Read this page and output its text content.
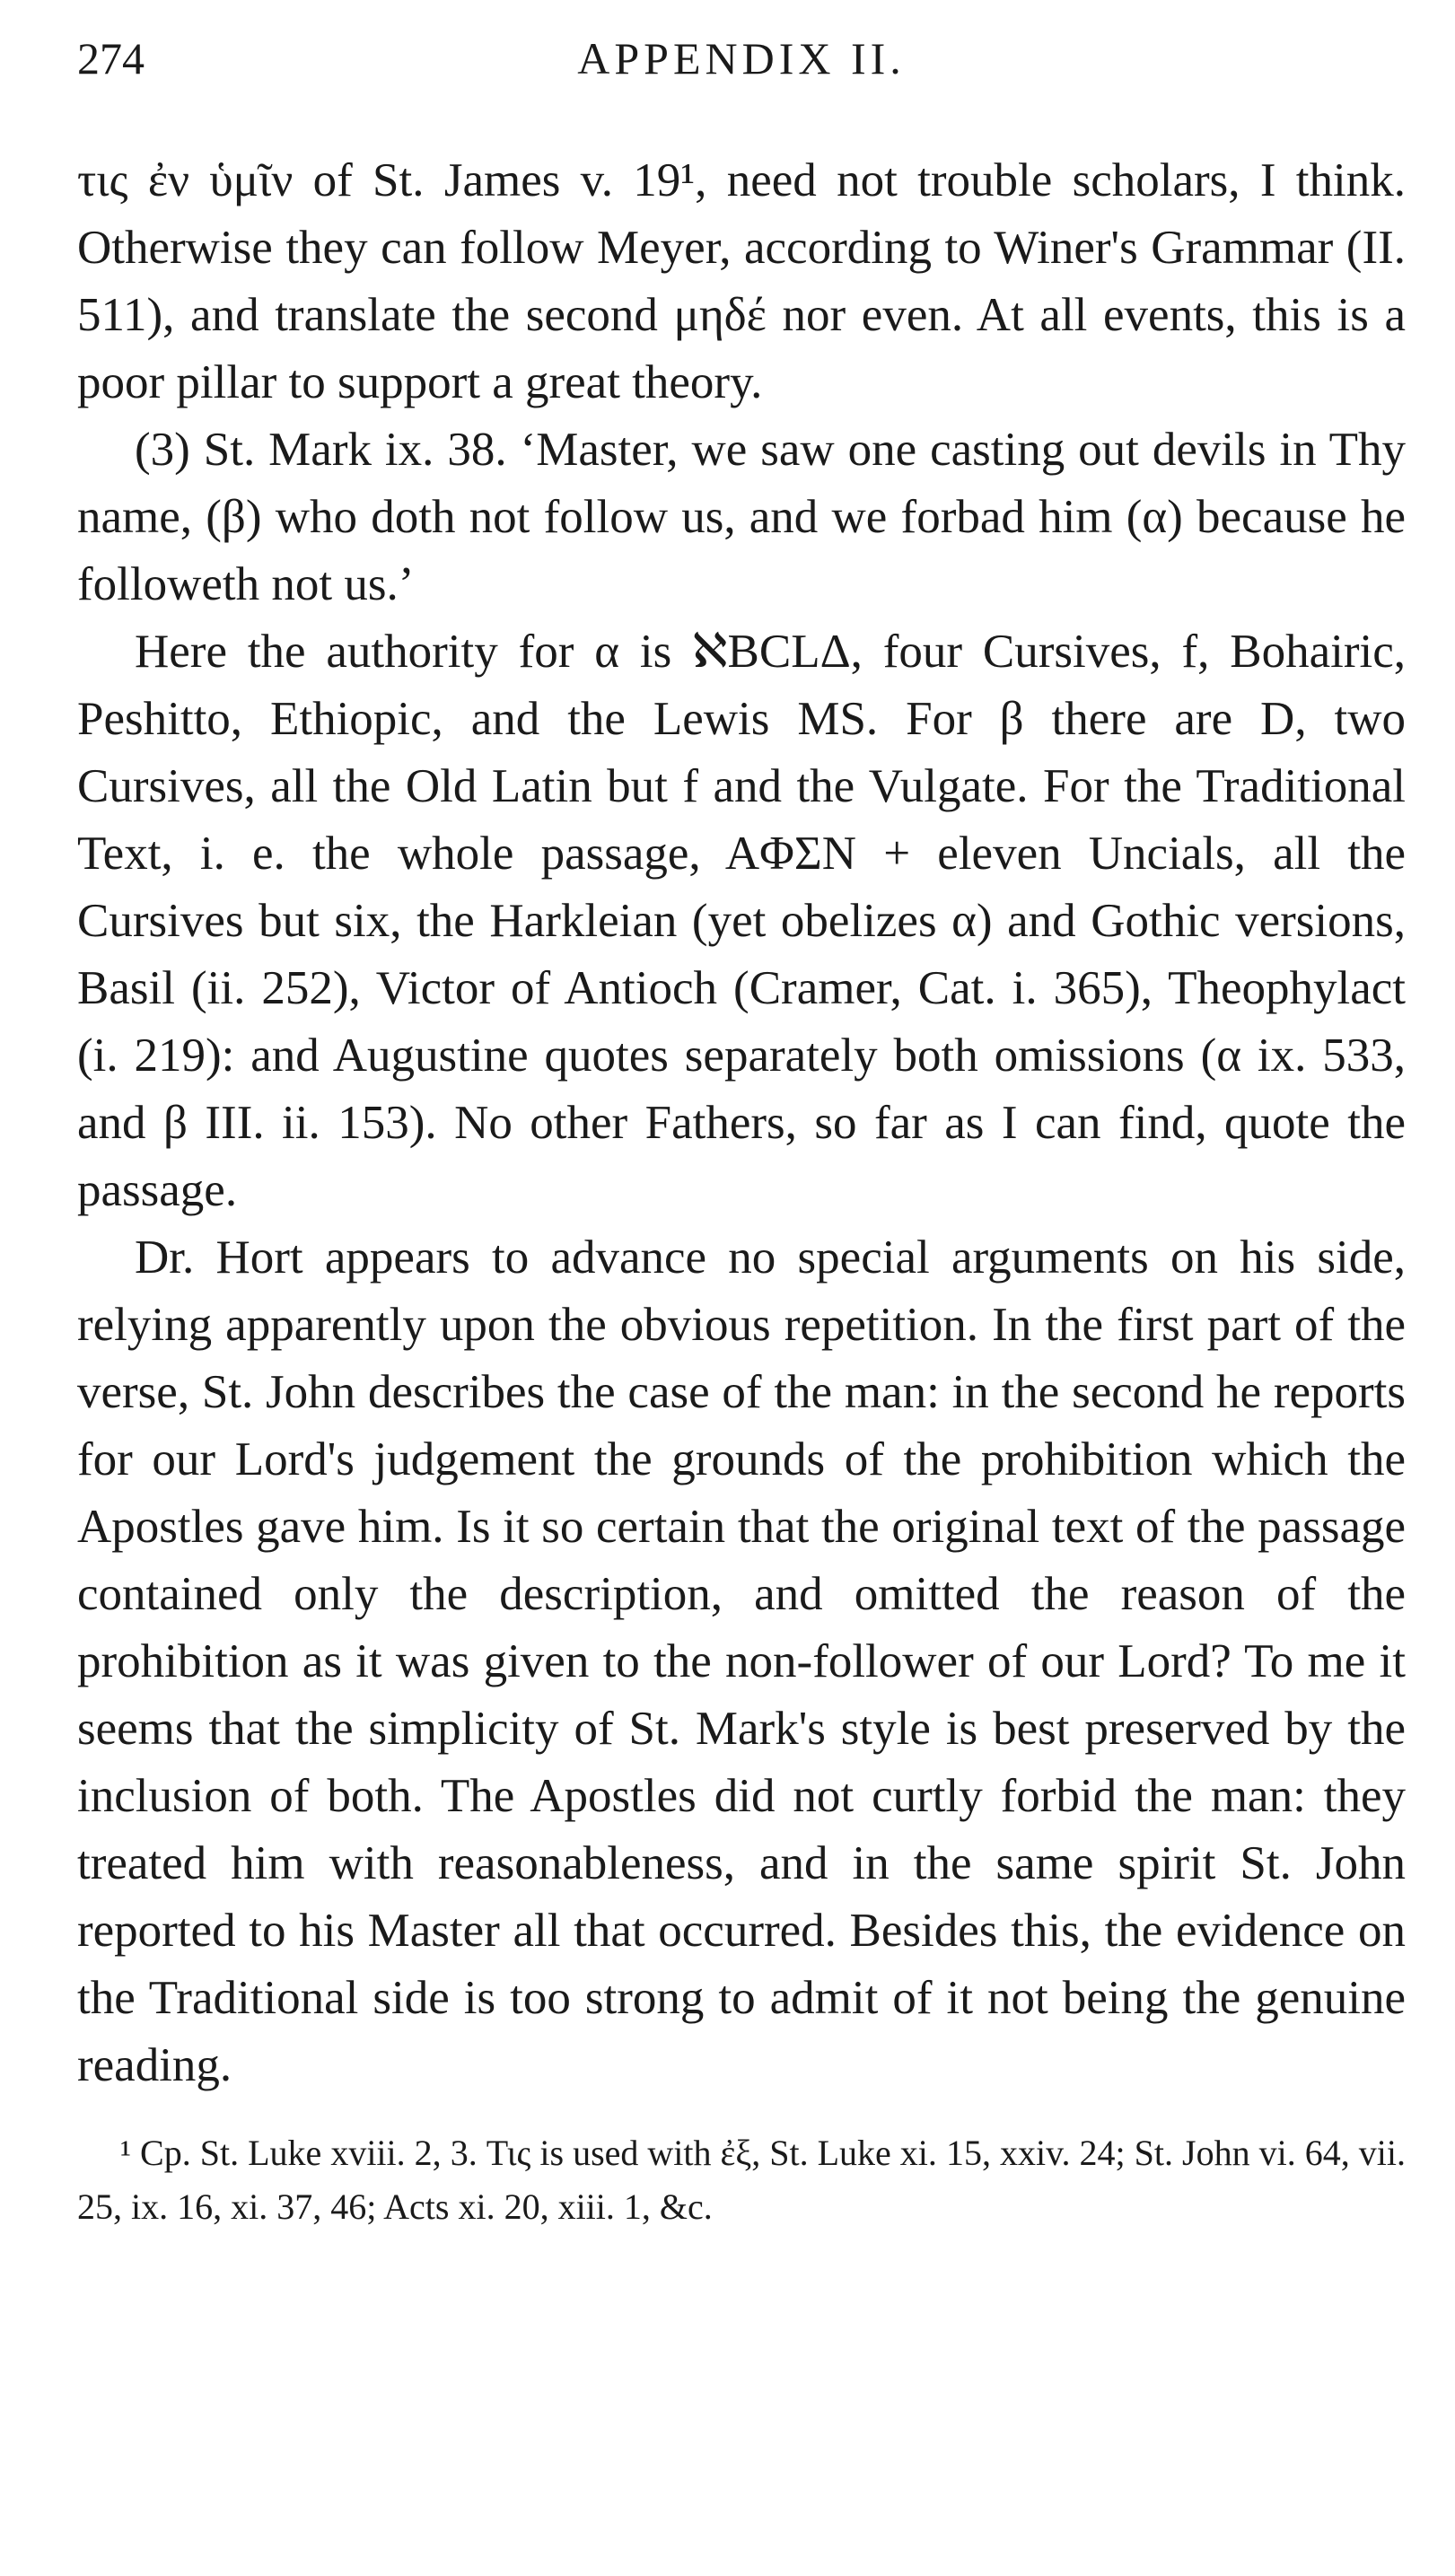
274	APPENDIX II.

τις ἐν ὑμῖν of St. James v. 19¹, need not trouble scholars, I think. Otherwise they can follow Meyer, according to Winer's Grammar (II. 511), and translate the second μηδέ nor even. At all events, this is a poor pillar to support a great theory.

(3) St. Mark ix. 38. ‘Master, we saw one casting out devils in Thy name, (β) who doth not follow us, and we forbad him (α) because he followeth not us.’

Here the authority for α is ℵBCLΔ, four Cursives, f, Bohairic, Peshitto, Ethiopic, and the Lewis MS. For β there are D, two Cursives, all the Old Latin but f and the Vulgate. For the Traditional Text, i. e. the whole passage, AΦΣN + eleven Uncials, all the Cursives but six, the Harkleian (yet obelizes α) and Gothic versions, Basil (ii. 252), Victor of Antioch (Cramer, Cat. i. 365), Theophylact (i. 219): and Augustine quotes separately both omissions (α ix. 533, and β III. ii. 153). No other Fathers, so far as I can find, quote the passage.

Dr. Hort appears to advance no special arguments on his side, relying apparently upon the obvious repetition. In the first part of the verse, St. John describes the case of the man: in the second he reports for our Lord's judgement the grounds of the prohibition which the Apostles gave him. Is it so certain that the original text of the passage contained only the description, and omitted the reason of the prohibition as it was given to the non-follower of our Lord? To me it seems that the simplicity of St. Mark's style is best preserved by the inclusion of both. The Apostles did not curtly forbid the man: they treated him with reasonableness, and in the same spirit St. John reported to his Master all that occurred. Besides this, the evidence on the Traditional side is too strong to admit of it not being the genuine reading.

¹ Cp. St. Luke xviii. 2, 3. Τις is used with ἐξ, St. Luke xi. 15, xxiv. 24; St. John vi. 64, vii. 25, ix. 16, xi. 37, 46; Acts xi. 20, xiii. 1, &c.
